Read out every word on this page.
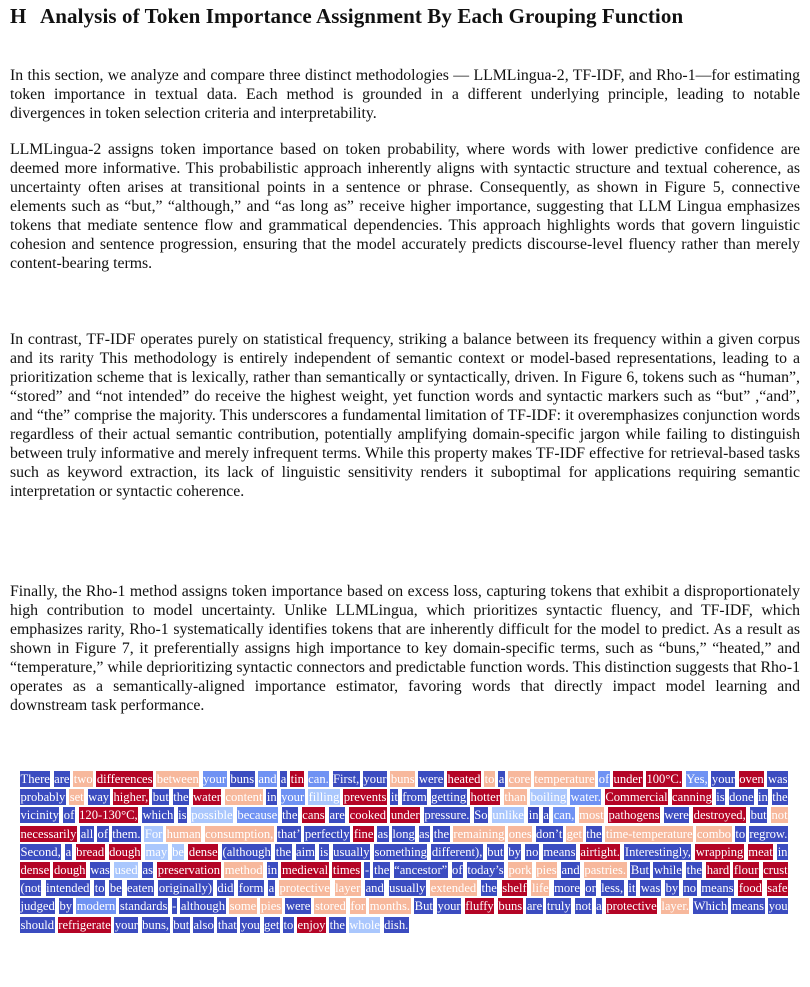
H Analysis of Token Importance Assignment By Each Grouping Function

In this section, we analyze and compare three distinct methodologies — LLMLingua-2, TF-IDF, and Rho-1—for estimating token importance in textual data. Each method is grounded in a different underlying principle, leading to notable divergences in token selection criteria and interpretability.

LLMLingua-2 assigns token importance based on token probability, where words with lower predictive confidence are deemed more informative. This probabilistic approach inherently aligns with syntactic structure and textual coherence, as uncertainty often arises at transitional points in a sentence or phrase. Consequently, as shown in Figure 5, connective elements such as “but,” “although,” and “as long as” receive higher importance, suggesting that LLM Lingua emphasizes tokens that mediate sentence flow and grammatical dependencies. This approach highlights words that govern linguistic cohesion and sentence progression, ensuring that the model accurately predicts discourse-level fluency rather than merely content-bearing terms.

In contrast, TF-IDF operates purely on statistical frequency, striking a balance between its frequency within a given corpus and its rarity This methodology is entirely independent of semantic context or model-based representations, leading to a prioritization scheme that is lexically, rather than semantically or syntactically, driven. In Figure 6, tokens such as “human”, “stored” and “not intended” do receive the highest weight, yet function words and syntactic markers such as “but” ,“and”, and “the” comprise the majority. This underscores a fundamental limitation of TF-IDF: it overemphasizes conjunction words regardless of their actual semantic contribution, potentially amplifying domain-specific jargon while failing to distinguish between truly informative and merely infrequent terms. While this property makes TF-IDF effective for retrieval-based tasks such as keyword extraction, its lack of linguistic sensitivity renders it suboptimal for applications requiring semantic interpretation or syntactic coherence.

Finally, the Rho-1 method assigns token importance based on excess loss, capturing tokens that exhibit a disproportionately high contribution to model uncertainty. Unlike LLMLingua, which prioritizes syntactic fluency, and TF-IDF, which emphasizes rarity, Rho-1 systematically identifies tokens that are inherently difficult for the model to predict. As a result as shown in Figure 7, it preferentially assigns high importance to key domain-specific terms, such as “buns,” “heated,” and “temperature,” while deprioritizing syntactic connectors and predictable function words. This distinction suggests that Rho-1 operates as a semantically-aligned importance estimator, favoring words that directly impact model learning and downstream task performance.

There are two differences between your buns and a tin can. First, your buns were heated to a core temperature of under 100°C. Yes, your oven was probably set way higher, but the water content in your filling prevents it from getting hotter than boiling water. Commercial canning is done in the vicinity of 120-130°C, which is possible because the cans are cooked under pressure. So unlike in a can, most pathogens were destroyed, but not necessarily all of them. For human consumption, that’ perfectly fine as long as the remaining ones don’t get the time-temperature combo to regrow. Second, a bread dough may be dense (although the aim is usually something different), but by no means airtight. Interestingly, wrapping meat in dense dough was used as preservation method in medieval times - the “ancestor” of today’s pork pies and pastries. But while the hard flour crust (not intended to be eaten originally) did form a protective layer and usually extended the shelf life more or less, it was by no means food safe judged by modern standards - although some pies were stored for months. But your fluffy buns are truly not a protective layer. Which means you should refrigerate your buns, but also that you get to enjoy the whole dish.
